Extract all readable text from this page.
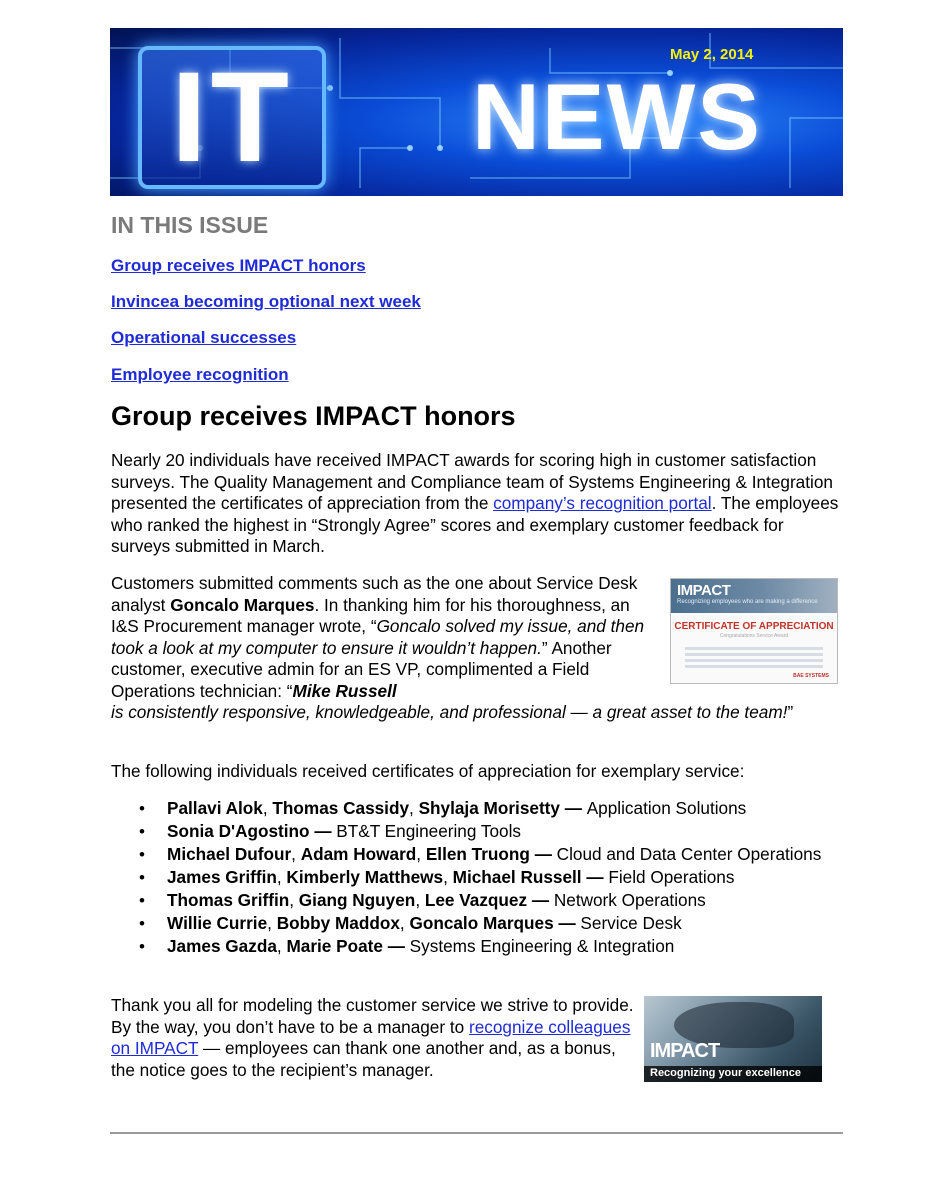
IT NEWS
May 2, 2014
IN THIS ISSUE
Group receives IMPACT honors
Invincea becoming optional next week
Operational successes
Employee recognition
Group receives IMPACT honors

Nearly 20 individuals have received IMPACT awards for scoring high in customer satisfaction surveys. The Quality Management and Compliance team of Systems Engineering & Integration presented the certificates of appreciation from the company’s recognition portal. The employees who ranked the highest in “Strongly Agree” scores and exemplary customer feedback for surveys submitted in March.

IMPACT
Recognizing employees who are making a difference
CERTIFICATE OF APPRECIATION
Congratulations Service Award
BAE SYSTEMS

Customers submitted comments such as the one about Service Desk analyst Goncalo Marques. In thanking him for his thoroughness, an I&S Procurement manager wrote, “Goncalo solved my issue, and then took a look at my computer to ensure it wouldn’t happen.” Another customer, executive admin for an ES VP, complimented a Field Operations technician: “Mike Russell

is consistently responsive, knowledgeable, and professional — a great asset to the team!”

The following individuals received certificates of appreciation for exemplary service:

• Pallavi Alok, Thomas Cassidy, Shylaja Morisetty — Application Solutions
• Sonia D'Agostino — BT&T Engineering Tools
• Michael Dufour, Adam Howard, Ellen Truong — Cloud and Data Center Operations
• James Griffin, Kimberly Matthews, Michael Russell — Field Operations
• Thomas Griffin, Giang Nguyen, Lee Vazquez — Network Operations
• Willie Currie, Bobby Maddox, Goncalo Marques — Service Desk
• James Gazda, Marie Poate — Systems Engineering & Integration

Thank you all for modeling the customer service we strive to provide. By the way, you don’t have to be a manager to recognize colleagues on IMPACT — employees can thank one another and, as a bonus, the notice goes to the recipient’s manager.

IMPACT
Recognizing your excellence
